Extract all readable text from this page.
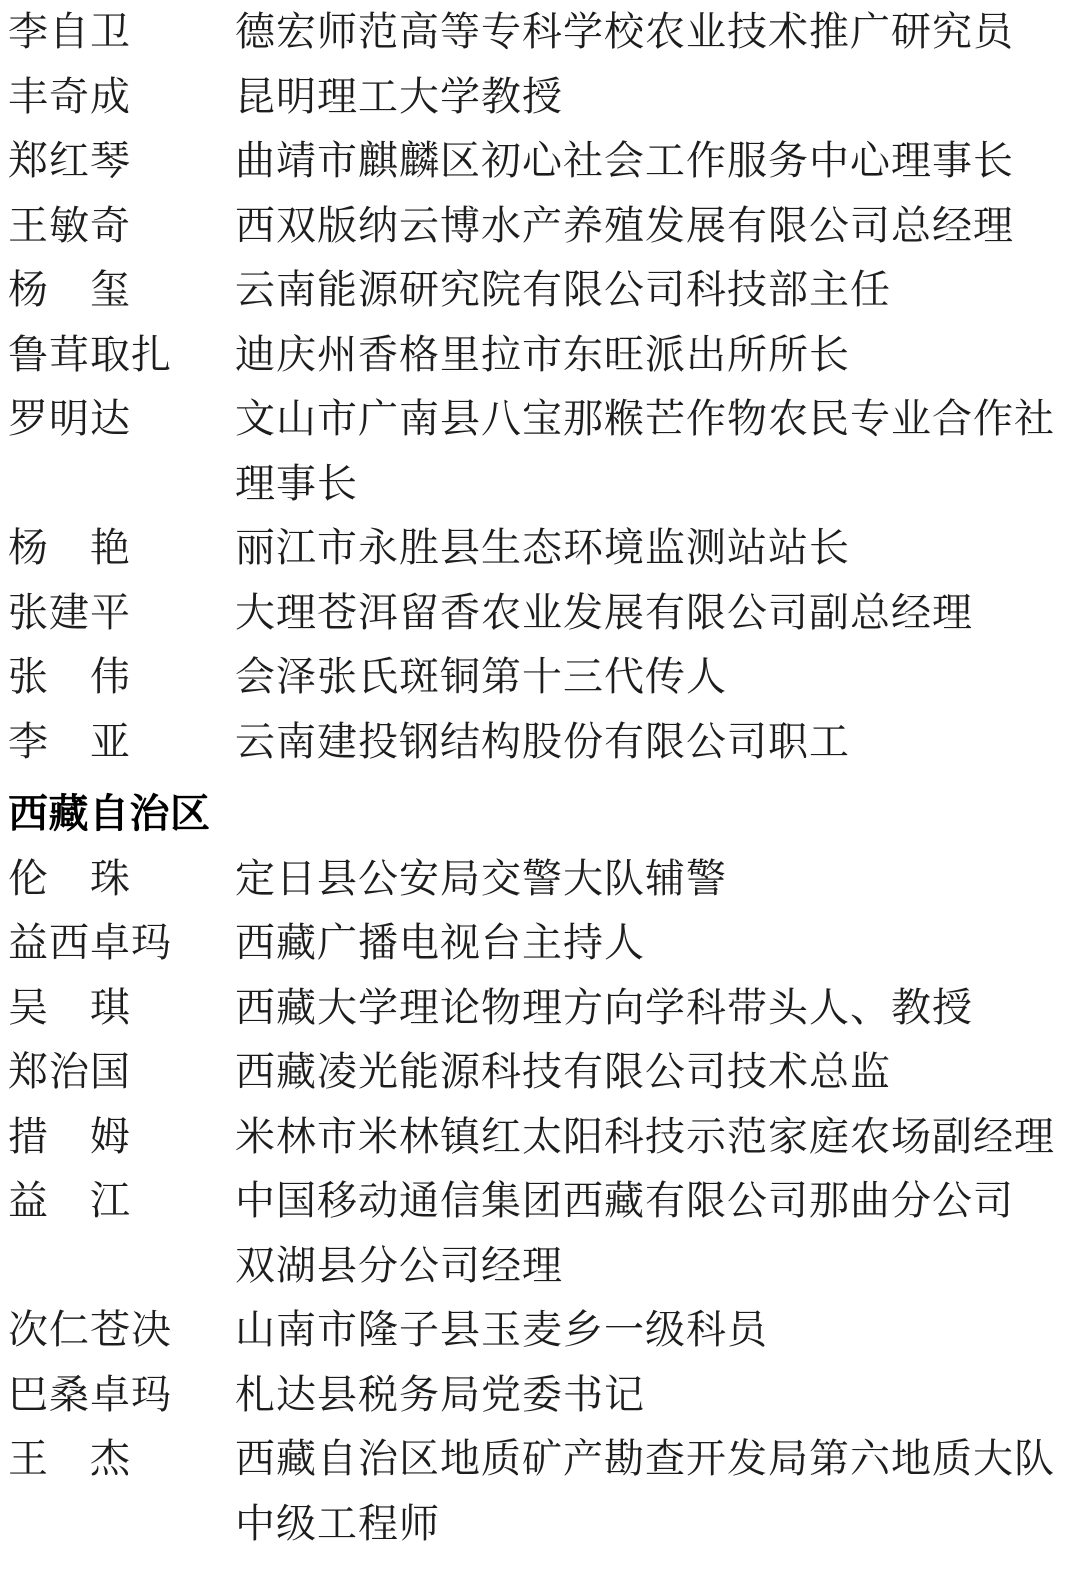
李自卫	德宏师范高等专科学校农业技术推广研究员
丰奇成	昆明理工大学教授
郑红琴	曲靖市麒麟区初心社会工作服务中心理事长
王敏奇	西双版纳云博水产养殖发展有限公司总经理
杨　玺	云南能源研究院有限公司科技部主任
鲁茸取扎	迪庆州香格里拉市东旺派出所所长
罗明达	文山市广南县八宝那糇芒作物农民专业合作社
理事长
杨　艳	丽江市永胜县生态环境监测站站长
张建平	大理苍洱留香农业发展有限公司副总经理
张　伟	会泽张氏斑铜第十三代传人
李　亚	云南建投钢结构股份有限公司职工
西藏自治区
伦　珠	定日县公安局交警大队辅警
益西卓玛	西藏广播电视台主持人
吴　琪	西藏大学理论物理方向学科带头人、教授
郑治国	西藏凌光能源科技有限公司技术总监
措　姆	米林市米林镇红太阳科技示范家庭农场副经理
益　江	中国移动通信集团西藏有限公司那曲分公司
双湖县分公司经理
次仁苍决	山南市隆子县玉麦乡一级科员
巴桑卓玛	札达县税务局党委书记
王　杰	西藏自治区地质矿产勘查开发局第六地质大队
中级工程师
